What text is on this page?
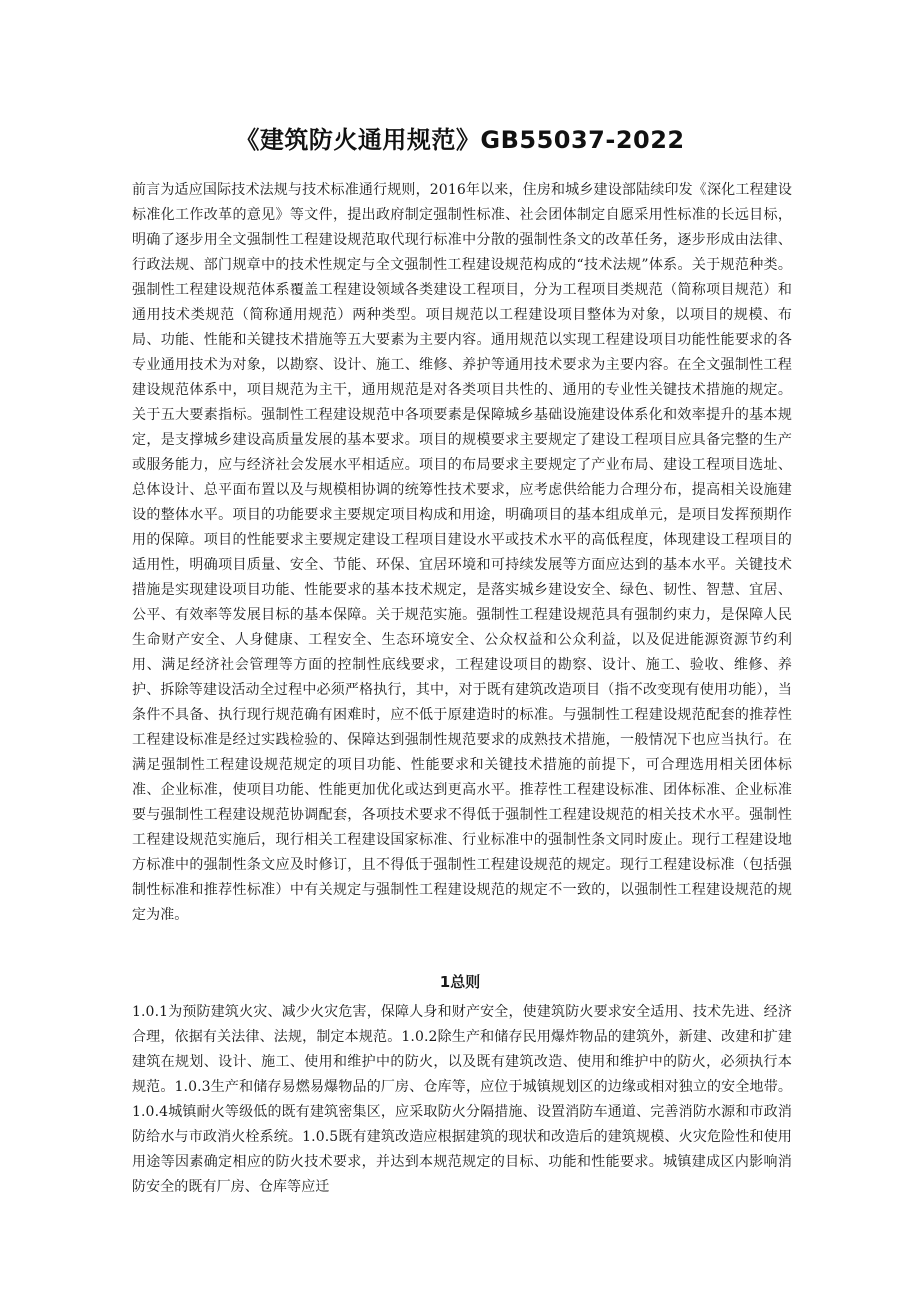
《建筑防火通用规范》GB55037-2022

前言为适应国际技术法规与技术标准通行规则，2016年以来，住房和城乡建设部陆续印发《深化工程建设标准化工作改革的意见》等文件，提出政府制定强制性标准、社会团体制定自愿采用性标准的长远目标，明确了逐步用全文强制性工程建设规范取代现行标准中分散的强制性条文的改革任务，逐步形成由法律、行政法规、部门规章中的技术性规定与全文强制性工程建设规范构成的“技术法规”体系。关于规范种类。强制性工程建设规范体系覆盖工程建设领域各类建设工程项目，分为工程项目类规范（简称项目规范）和通用技术类规范（简称通用规范）两种类型。项目规范以工程建设项目整体为对象，以项目的规模、布局、功能、性能和关键技术措施等五大要素为主要内容。通用规范以实现工程建设项目功能性能要求的各专业通用技术为对象，以勘察、设计、施工、维修、养护等通用技术要求为主要内容。在全文强制性工程建设规范体系中，项目规范为主干，通用规范是对各类项目共性的、通用的专业性关键技术措施的规定。关于五大要素指标。强制性工程建设规范中各项要素是保障城乡基础设施建设体系化和效率提升的基本规定，是支撑城乡建设高质量发展的基本要求。项目的规模要求主要规定了建设工程项目应具备完整的生产或服务能力，应与经济社会发展水平相适应。项目的布局要求主要规定了产业布局、建设工程项目选址、总体设计、总平面布置以及与规模相协调的统筹性技术要求，应考虑供给能力合理分布，提高相关设施建设的整体水平。项目的功能要求主要规定项目构成和用途，明确项目的基本组成单元，是项目发挥预期作用的保障。项目的性能要求主要规定建设工程项目建设水平或技术水平的高低程度，体现建设工程项目的适用性，明确项目质量、安全、节能、环保、宜居环境和可持续发展等方面应达到的基本水平。关键技术措施是实现建设项目功能、性能要求的基本技术规定，是落实城乡建设安全、绿色、韧性、智慧、宜居、公平、有效率等发展目标的基本保障。关于规范实施。强制性工程建设规范具有强制约束力，是保障人民生命财产安全、人身健康、工程安全、生态环境安全、公众权益和公众利益，以及促进能源资源节约利用、满足经济社会管理等方面的控制性底线要求，工程建设项目的勘察、设计、施工、验收、维修、养护、拆除等建设活动全过程中必须严格执行，其中，对于既有建筑改造项目（指不改变现有使用功能），当条件不具备、执行现行规范确有困难时，应不低于原建造时的标准。与强制性工程建设规范配套的推荐性工程建设标准是经过实践检验的、保障达到强制性规范要求的成熟技术措施，一般情况下也应当执行。在满足强制性工程建设规范规定的项目功能、性能要求和关键技术措施的前提下，可合理选用相关团体标准、企业标准，使项目功能、性能更加优化或达到更高水平。推荐性工程建设标准、团体标准、企业标准要与强制性工程建设规范协调配套，各项技术要求不得低于强制性工程建设规范的相关技术水平。强制性工程建设规范实施后，现行相关工程建设国家标准、行业标准中的强制性条文同时废止。现行工程建设地方标准中的强制性条文应及时修订，且不得低于强制性工程建设规范的规定。现行工程建设标准（包括强制性标准和推荐性标准）中有关规定与强制性工程建设规范的规定不一致的，以强制性工程建设规范的规定为准。

1总则

1.0.1为预防建筑火灾、减少火灾危害，保障人身和财产安全，使建筑防火要求安全适用、技术先进、经济合理，依据有关法律、法规，制定本规范。1.0.2除生产和储存民用爆炸物品的建筑外，新建、改建和扩建建筑在规划、设计、施工、使用和维护中的防火，以及既有建筑改造、使用和维护中的防火，必须执行本规范。1.0.3生产和储存易燃易爆物品的厂房、仓库等，应位于城镇规划区的边缘或相对独立的安全地带。1.0.4城镇耐火等级低的既有建筑密集区，应采取防火分隔措施、设置消防车通道、完善消防水源和市政消防给水与市政消火栓系统。1.0.5既有建筑改造应根据建筑的现状和改造后的建筑规模、火灾危险性和使用用途等因素确定相应的防火技术要求，并达到本规范规定的目标、功能和性能要求。城镇建成区内影响消防安全的既有厂房、仓库等应迁
